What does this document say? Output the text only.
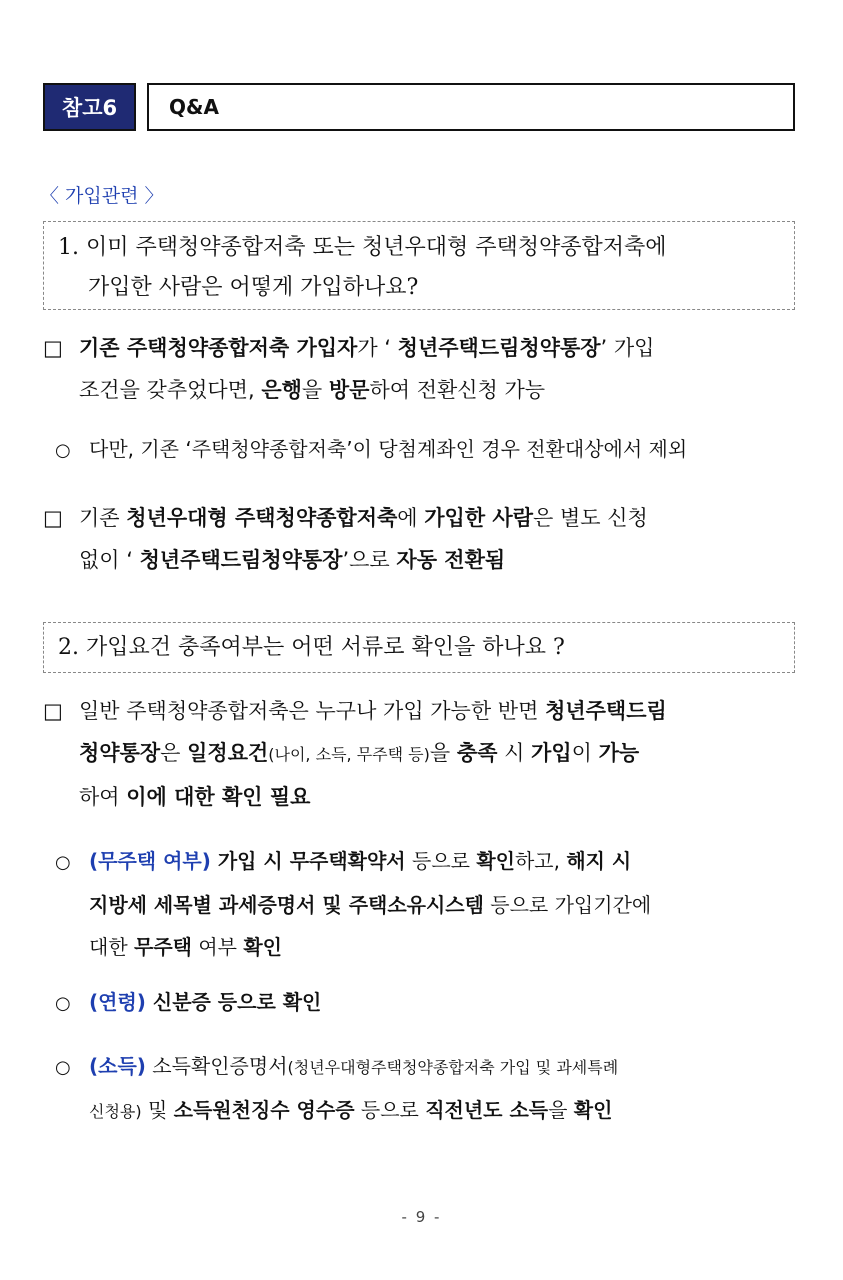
참고6	Q&A
〈 가입관련 〉
1. 이미 주택청약종합저축 또는 청년우대형 주택청약종합저축에
가입한 사람은 어떻게 가입하나요?
□ 기존 주택청약종합저축 가입자가 ‘ 청년주택드림청약통장’ 가입
조건을 갖추었다면, 은행을 방문하여 전환신청 가능
○ 다만, 기존 ‘주택청약종합저축’이 당첨계좌인 경우 전환대상에서 제외
□ 기존 청년우대형 주택청약종합저축에 가입한 사람은 별도 신청
없이 ‘ 청년주택드림청약통장’으로 자동 전환됨
2. 가입요건 충족여부는 어떤 서류로 확인을 하나요 ?
□ 일반 주택청약종합저축은 누구나 가입 가능한 반면 청년주택드림
청약통장은 일정요건(나이, 소득, 무주택 등)을 충족 시 가입이 가능
하여 이에 대한 확인 필요
○ (무주택 여부) 가입 시 무주택확약서 등으로 확인하고, 해지 시
지방세 세목별 과세증명서 및 주택소유시스템 등으로 가입기간에
대한 무주택 여부 확인
○ (연령) 신분증 등으로 확인
○ (소득) 소득확인증명서(청년우대형주택청약종합저축 가입 및 과세특례
신청용) 및 소득원천징수 영수증 등으로 직전년도 소득을 확인
- 9 -
